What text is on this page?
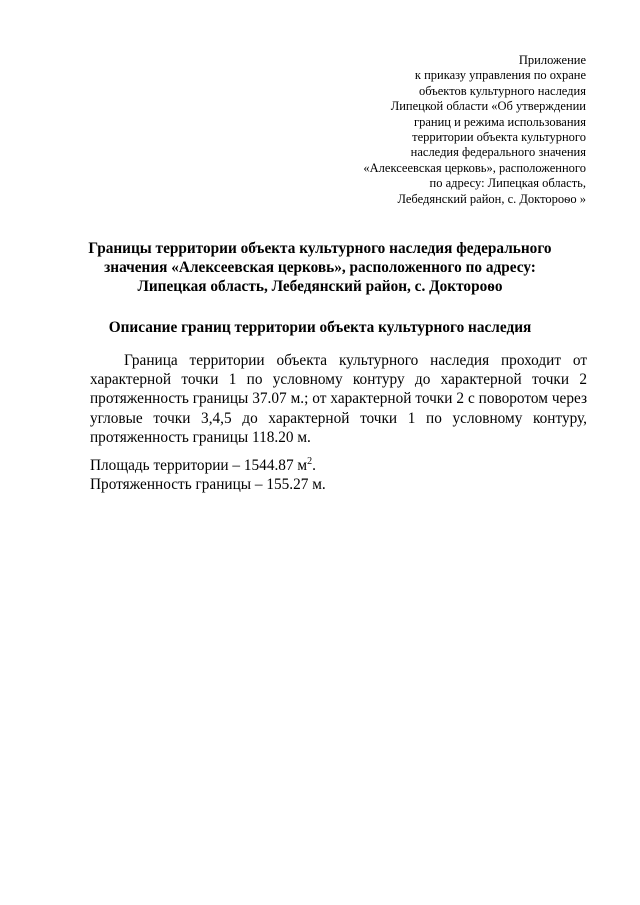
Приложение
к приказу управления по охране
объектов культурного наследия
Липецкой области «Об утверждении
границ и режима использования
территории объекта культурного
наследия федерального значения
«Алексеевская церковь», расположенного
по адресу: Липецкая область,
Лебедянский район, с. Доктороѳо »
Границы территории объекта культурного наследия федерального
значения «Алексеевская церковь», расположенного по адресу:
Липецкая область, Лебедянский район, с. Доктороѳо
Описание границ территории объекта культурного наследия

Граница территории объекта культурного наследия проходит от характерной точки 1 по условному контуру до характерной точки 2 протяженность границы 37.07 м.; от характерной точки 2 с поворотом через угловые точки 3,4,5 до характерной точки 1 по условному контуру, протяженность границы 118.20 м.

Площадь территории – 1544.87 $м^2$.
Протяженность границы – 155.27 м.
